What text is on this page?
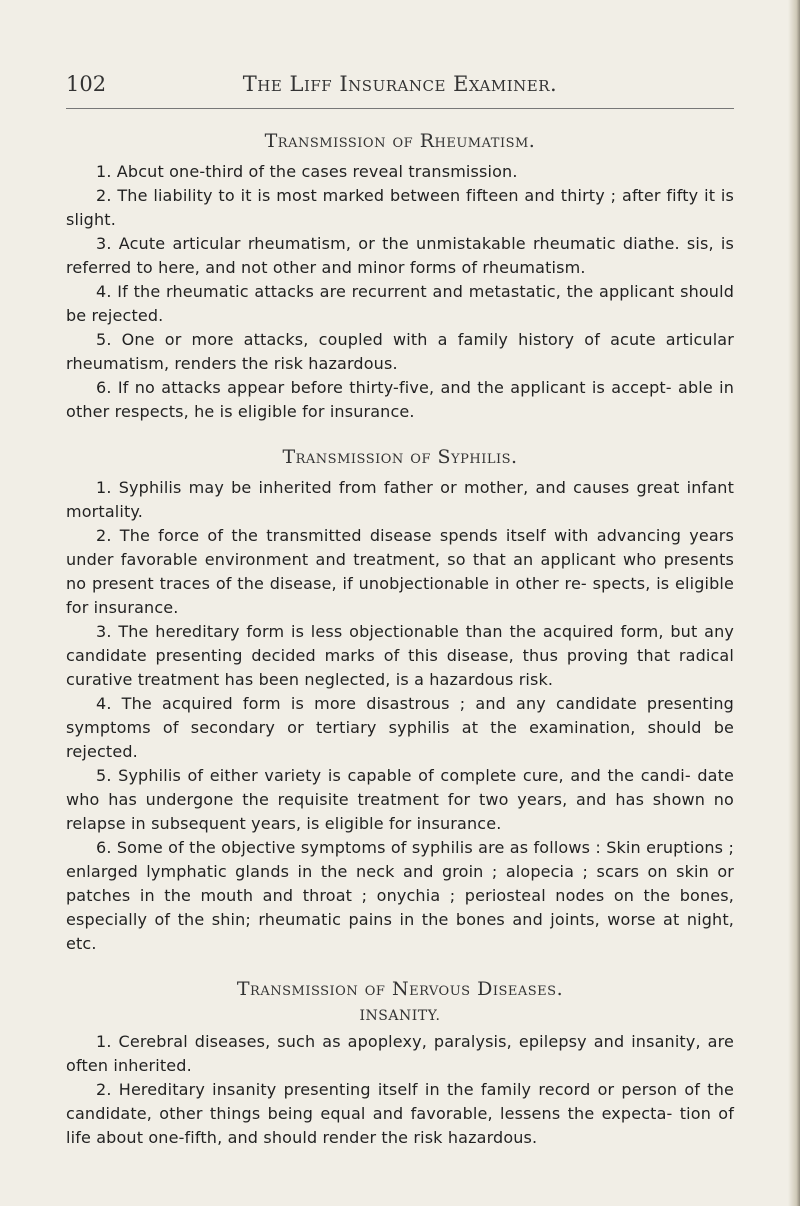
102	The Liff Insurance Examiner.
Transmission of Rheumatism.

1. Abcut one-third of the cases reveal transmission.

2. The liability to it is most marked between fifteen and thirty ; after fifty it is slight.

3. Acute articular rheumatism, or the unmistakable rheumatic diathe. sis, is referred to here, and not other and minor forms of rheumatism.

4. If the rheumatic attacks are recurrent and metastatic, the applicant should be rejected.

5. One or more attacks, coupled with a family history of acute articular rheumatism, renders the risk hazardous.

6. If no attacks appear before thirty-five, and the applicant is accept- able in other respects, he is eligible for insurance.

Transmission of Syphilis.

1. Syphilis may be inherited from father or mother, and causes great infant mortality.

2. The force of the transmitted disease spends itself with advancing years under favorable environment and treatment, so that an applicant who presents no present traces of the disease, if unobjectionable in other re- spects, is eligible for insurance.

3. The hereditary form is less objectionable than the acquired form, but any candidate presenting decided marks of this disease, thus proving that radical curative treatment has been neglected, is a hazardous risk.

4. The acquired form is more disastrous ; and any candidate presenting symptoms of secondary or tertiary syphilis at the examination, should be rejected.

5. Syphilis of either variety is capable of complete cure, and the candi- date who has undergone the requisite treatment for two years, and has shown no relapse in subsequent years, is eligible for insurance.

6. Some of the objective symptoms of syphilis are as follows : Skin eruptions ; enlarged lymphatic glands in the neck and groin ; alopecia ; scars on skin or patches in the mouth and throat ; onychia ; periosteal nodes on the bones, especially of the shin; rheumatic pains in the bones and joints, worse at night, etc.

Transmission of Nervous Diseases.
INSANITY.

1. Cerebral diseases, such as apoplexy, paralysis, epilepsy and insanity, are often inherited.

2. Hereditary insanity presenting itself in the family record or person of the candidate, other things being equal and favorable, lessens the expecta- tion of life about one-fifth, and should render the risk hazardous.
